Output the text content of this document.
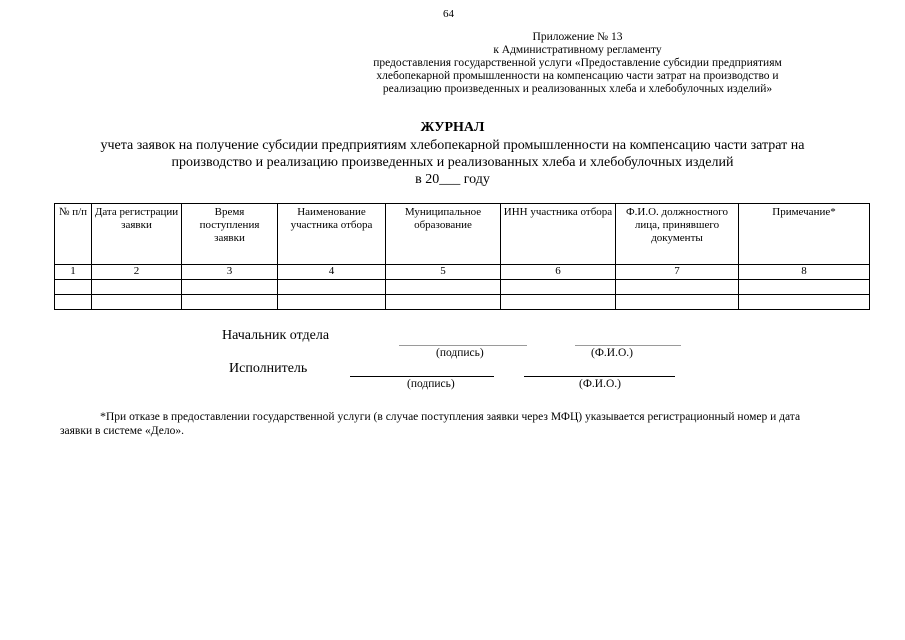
64
Приложение № 13
к Административному регламенту
предоставления государственной услуги «Предоставление субсидии предприятиям
хлебопекарной промышленности на компенсацию части затрат на производство и
реализацию произведенных и реализованных хлеба и хлебобулочных изделий»
ЖУРНАЛ
учета заявок на получение субсидии предприятиям хлебопекарной промышленности на компенсацию части затрат на
производство и реализацию произведенных и реализованных хлеба и хлебобулочных изделий
в 20___ году
№ п/п	Дата регистрации заявки	Время поступления заявки	Наименование участника отбора	Муниципальное образование	ИНН участника отбора	Ф.И.О. должностного лица, принявшего документы	Примечание*
1	2	3	4	5	6	7	8

Начальник отдела
(подпись)	(Ф.И.О.)
Исполнитель
(подпись)	(Ф.И.О.)
*При отказе в предоставлении государственной услуги (в случае поступления заявки через МФЦ) указывается регистрационный номер и дата заявки в системе «Дело».
